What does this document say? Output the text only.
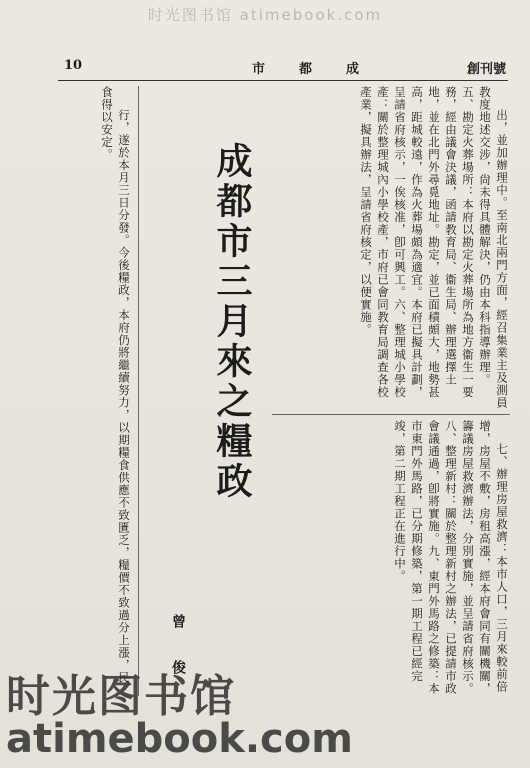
时光图书馆 atimebook.com
10	市	都	成	創刊號

出，並加辦理中。至南北兩門方面，經召集業主及測員教度地述交涉，尙未得具體解決，仍由本科指導辦理。五、勘定火葬場所：本府以勘定火葬場所為地方衞生一要務，經由議會決議，函請教育局、衞生局、辦理選擇土地，並在北門外尋覓地址。勘定，並已面積頗大，地勢甚高，距城較遠，作為火葬場頗為適宜。本府已擬具計劃，呈請省府核示，一俟核准，卽可興工。六、整理城小學校產：關於整理城內小學校產，市府已會同教育局調查各校產業，擬具辦法，呈請省府核定，以便實施。

七、辦理房屋救濟：本市人口，三月來較前倍增，房屋不敷，房租高漲，經本府會同有關機關，籌議房屋救濟辦法，分別實施，並呈請省府核示。八、整理新村：關於整理新村之辦法，已提請市政會議通過，卽將實施。九、東門外馬路之修築：本市東門外馬路，已分期修築，第一期工程已經完竣，第二期工程正在進行中。

成都市三月來之糧政
曾 俊

行，遂於本月三日分發。今後糧政，本府仍將繼續努力，以期糧食供應不致匱乏，糧價不致過分上漲，民食得以安定。

时光图书馆
atimebook.com
